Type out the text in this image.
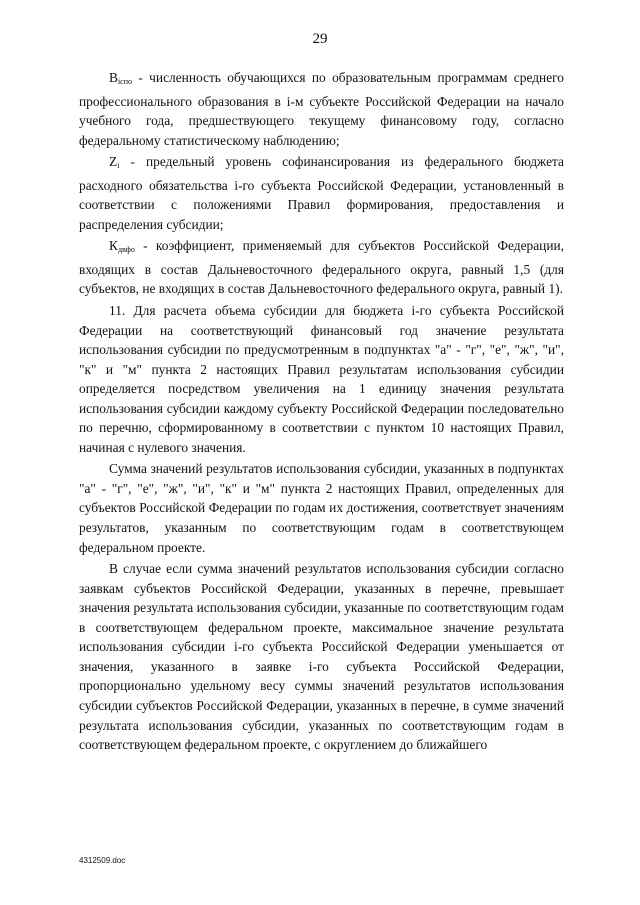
29

$B_{iспо}$ - численность обучающихся по образовательным программам среднего профессионального образования в i-м субъекте Российской Федерации на начало учебного года, предшествующего текущему финансовому году, согласно федеральному статистическому наблюдению;

$Z_i$ - предельный уровень софинансирования из федерального бюджета расходного обязательства i-го субъекта Российской Федерации, установленный в соответствии с положениями Правил формирования, предоставления и распределения субсидии;

$К_{двфо}$ - коэффициент, применяемый для субъектов Российской Федерации, входящих в состав Дальневосточного федерального округа, равный 1,5 (для субъектов, не входящих в состав Дальневосточного федерального округа, равный 1).

11. Для расчета объема субсидии для бюджета i-го субъекта Российской Федерации на соответствующий финансовый год значение результата использования субсидии по предусмотренным в подпунктах "а" - "г", "е", "ж", "и", "к" и "м" пункта 2 настоящих Правил результатам использования субсидии определяется посредством увеличения на 1 единицу значения результата использования субсидии каждому субъекту Российской Федерации последовательно по перечню, сформированному в соответствии с пунктом 10 настоящих Правил, начиная с нулевого значения.

Сумма значений результатов использования субсидии, указанных в подпунктах "а" - "г", "е", "ж", "и", "к" и "м" пункта 2 настоящих Правил, определенных для субъектов Российской Федерации по годам их достижения, соответствует значениям результатов, указанным по соответствующим годам в соответствующем федеральном проекте.

В случае если сумма значений результатов использования субсидии согласно заявкам субъектов Российской Федерации, указанных в перечне, превышает значения результата использования субсидии, указанные по соответствующим годам в соответствующем федеральном проекте, максимальное значение результата использования субсидии i-го субъекта Российской Федерации уменьшается от значения, указанного в заявке i-го субъекта Российской Федерации, пропорционально удельному весу суммы значений результатов использования субсидии субъектов Российской Федерации, указанных в перечне, в сумме значений результата использования субсидии, указанных по соответствующим годам в соответствующем федеральном проекте, с округлением до ближайшего

4312509.doc
